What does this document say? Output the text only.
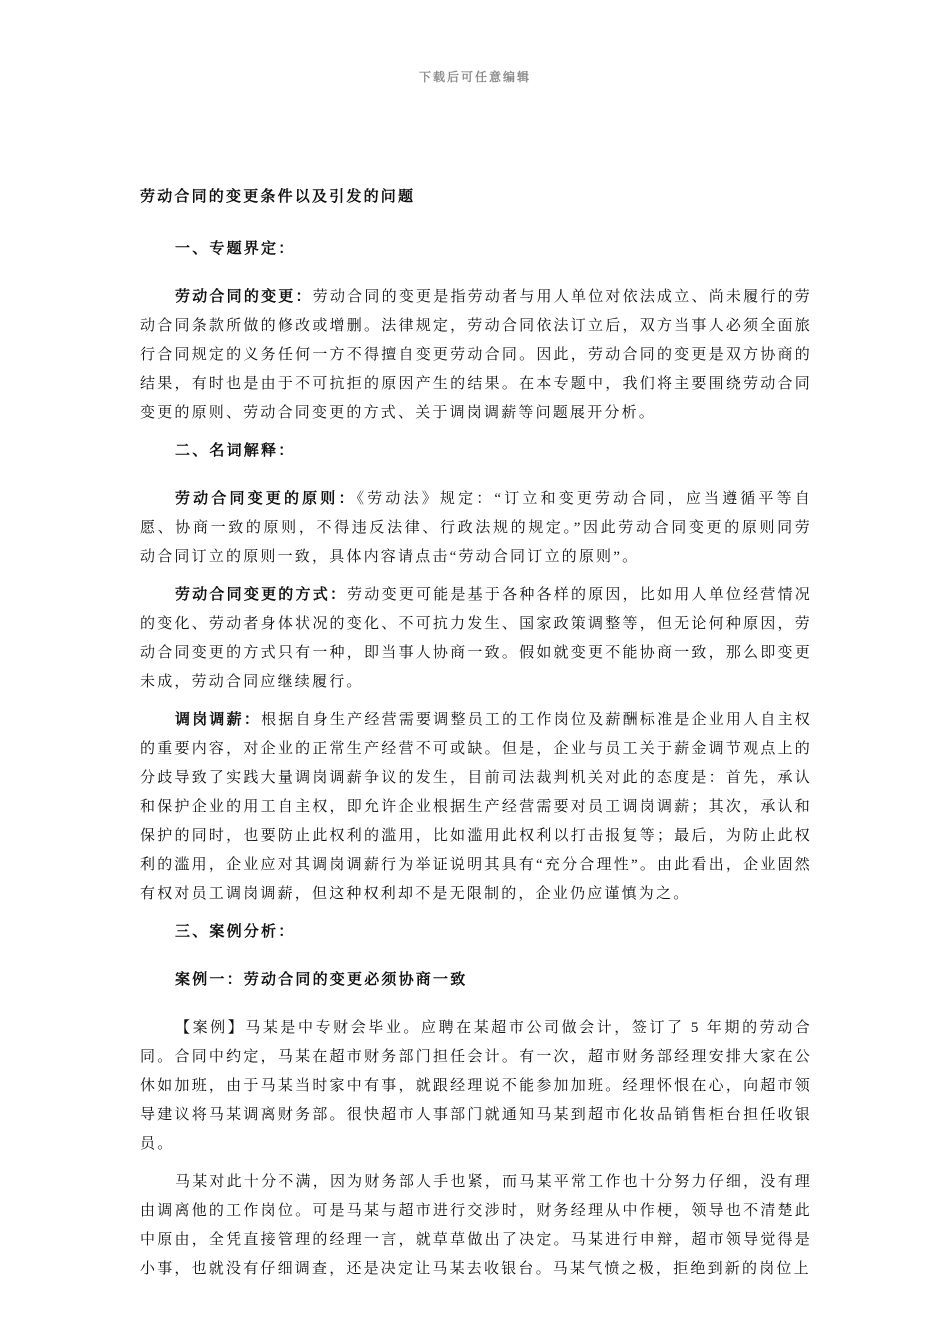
下载后可任意编辑
劳动合同的变更条件以及引发的问题

一、专题界定：

劳动合同的变更：劳动合同的变更是指劳动者与用人单位对依法成立、尚未履行的劳动合同条款所做的修改或增删。法律规定，劳动合同依法订立后，双方当事人必须全面旅行合同规定的义务任何一方不得擅自变更劳动合同。因此，劳动合同的变更是双方协商的结果，有时也是由于不可抗拒的原因产生的结果。在本专题中，我们将主要围绕劳动合同变更的原则、劳动合同变更的方式、关于调岗调薪等问题展开分析。

二、名词解释：

劳动合同变更的原则：《劳动法》规定：“订立和变更劳动合同，应当遵循平等自愿、协商一致的原则，不得违反法律、行政法规的规定。”因此劳动合同变更的原则同劳动合同订立的原则一致，具体内容请点击“劳动合同订立的原则”。

劳动合同变更的方式：劳动变更可能是基于各种各样的原因，比如用人单位经营情况的变化、劳动者身体状况的变化、不可抗力发生、国家政策调整等，但无论何种原因，劳动合同变更的方式只有一种，即当事人协商一致。假如就变更不能协商一致，那么即变更未成，劳动合同应继续履行。

调岗调薪：根据自身生产经营需要调整员工的工作岗位及薪酬标准是企业用人自主权的重要内容，对企业的正常生产经营不可或缺。但是，企业与员工关于薪金调节观点上的分歧导致了实践大量调岗调薪争议的发生，目前司法裁判机关对此的态度是：首先，承认和保护企业的用工自主权，即允许企业根据生产经营需要对员工调岗调薪；其次，承认和保护的同时，也要防止此权利的滥用，比如滥用此权利以打击报复等；最后，为防止此权利的滥用，企业应对其调岗调薪行为举证说明其具有“充分合理性”。由此看出，企业固然有权对员工调岗调薪，但这种权利却不是无限制的，企业仍应谨慎为之。

三、案例分析：

案例一：劳动合同的变更必须协商一致

【案例】马某是中专财会毕业。应聘在某超市公司做会计，签订了 5 年期的劳动合同。合同中约定，马某在超市财务部门担任会计。有一次，超市财务部经理安排大家在公休如加班，由于马某当时家中有事，就跟经理说不能参加加班。经理怀恨在心，向超市领导建议将马某调离财务部。很快超市人事部门就通知马某到超市化妆品销售柜台担任收银员。

马某对此十分不满，因为财务部人手也紧，而马某平常工作也十分努力仔细，没有理由调离他的工作岗位。可是马某与超市进行交涉时，财务经理从中作梗，领导也不清楚此中原由，全凭直接管理的经理一言，就草草做出了决定。马某进行申辩，超市领导觉得是小事，也就没有仔细调查，还是决定让马某去收银台。马某气愤之极，拒绝到新的岗位上
